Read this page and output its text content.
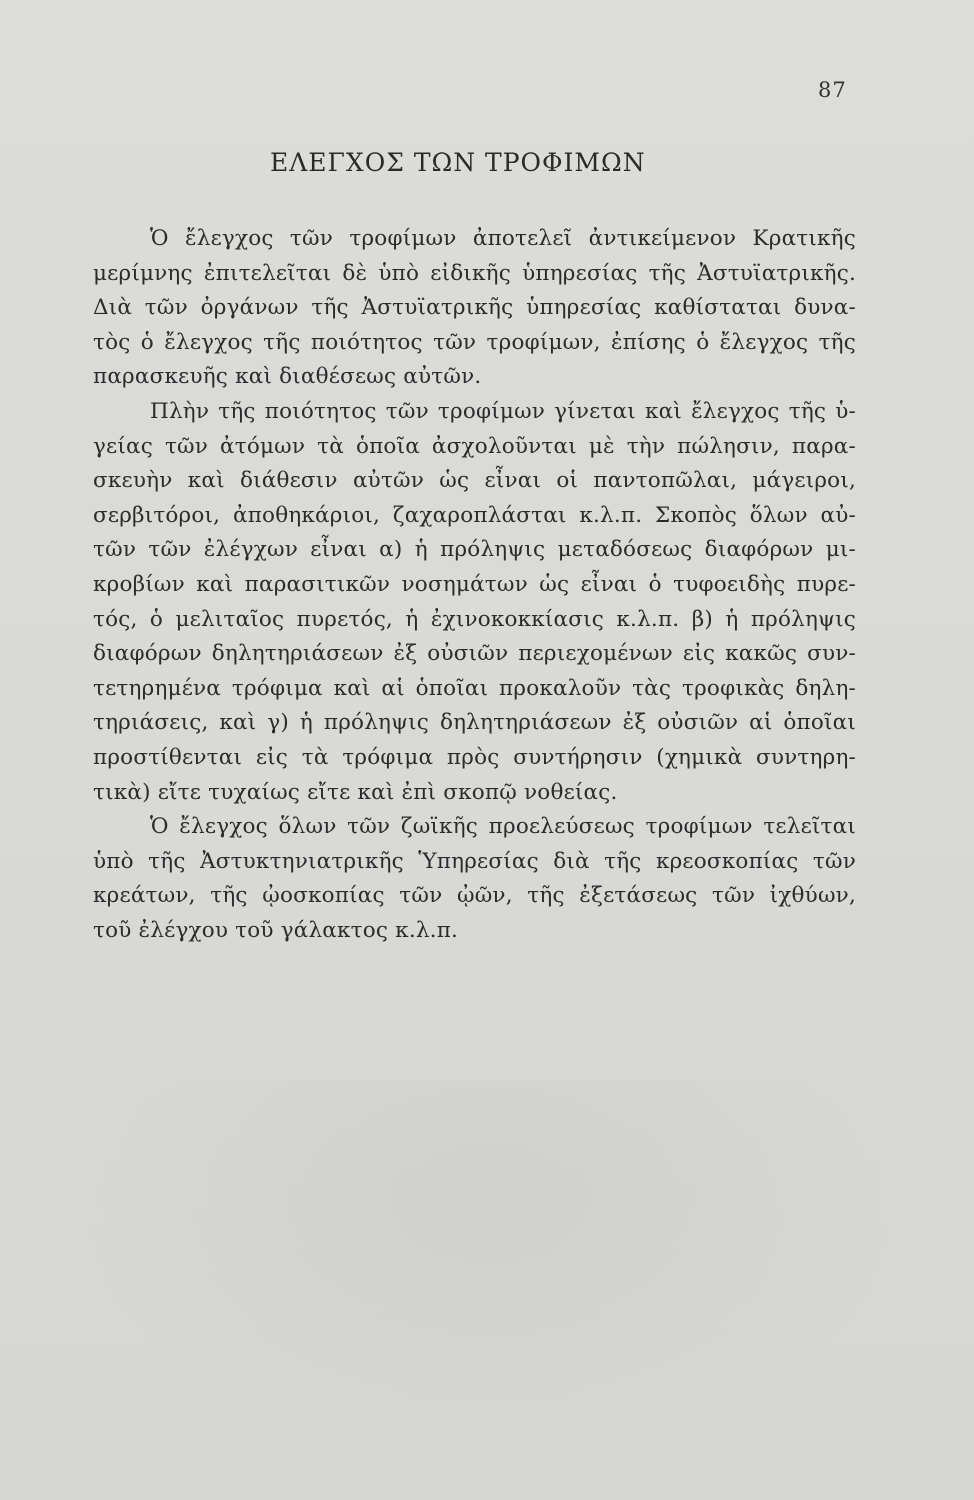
87
ΕΛΕΓΧΟΣ ΤΩΝ ΤΡΟΦΙΜΩΝ
Ὁ ἔλεγχος τῶν τροφίμων ἀποτελεῖ ἀντικείμενον Κρατικῆς
μερίμνης ἐπιτελεῖται δὲ ὑπὸ εἰδικῆς ὑπηρεσίας τῆς Ἀστυϊατρικῆς.
Διὰ τῶν ὀργάνων τῆς Ἀστυϊατρικῆς ὑπηρεσίας καθίσταται δυνα-
τὸς ὁ ἔλεγχος τῆς ποιότητος τῶν τροφίμων, ἐπίσης ὁ ἔλεγχος τῆς
παρασκευῆς καὶ διαθέσεως αὐτῶν.
Πλὴν τῆς ποιότητος τῶν τροφίμων γίνεται καὶ ἔλεγχος τῆς ὑ-
γείας τῶν ἀτόμων τὰ ὁποῖα ἀσχολοῦνται μὲ τὴν πώλησιν, παρα-
σκευὴν καὶ διάθεσιν αὐτῶν ὡς εἶναι οἱ παντοπῶλαι, μάγειροι,
σερβιτόροι, ἀποθηκάριοι, ζαχαροπλάσται κ.λ.π. Σκοπὸς ὅλων αὐ-
τῶν τῶν ἐλέγχων εἶναι α) ἡ πρόληψις μεταδόσεως διαφόρων μι-
κροβίων καὶ παρασιτικῶν νοσημάτων ὡς εἶναι ὁ τυφοειδὴς πυρε-
τός, ὁ μελιταῖος πυρετός, ἡ ἐχινοκοκκίασις κ.λ.π. β) ἡ πρόληψις
διαφόρων δηλητηριάσεων ἐξ οὐσιῶν περιεχομένων εἰς κακῶς συν-
τετηρημένα τρόφιμα καὶ αἱ ὁποῖαι προκαλοῦν τὰς τροφικὰς δηλη-
τηριάσεις, καὶ γ) ἡ πρόληψις δηλητηριάσεων ἐξ οὐσιῶν αἱ ὁποῖαι
προστίθενται εἰς τὰ τρόφιμα πρὸς συντήρησιν (χημικὰ συντηρη-
τικὰ) εἴτε τυχαίως εἴτε καὶ ἐπὶ σκοπῷ νοθείας.
Ὁ ἔλεγχος ὅλων τῶν ζωϊκῆς προελεύσεως τροφίμων τελεῖται
ὑπὸ τῆς Ἀστυκτηνιατρικῆς Ὑπηρεσίας διὰ τῆς κρεοσκοπίας τῶν
κρεάτων, τῆς ᾠοσκοπίας τῶν ᾠῶν, τῆς ἐξετάσεως τῶν ἰχθύων,
τοῦ ἐλέγχου τοῦ γάλακτος κ.λ.π.
